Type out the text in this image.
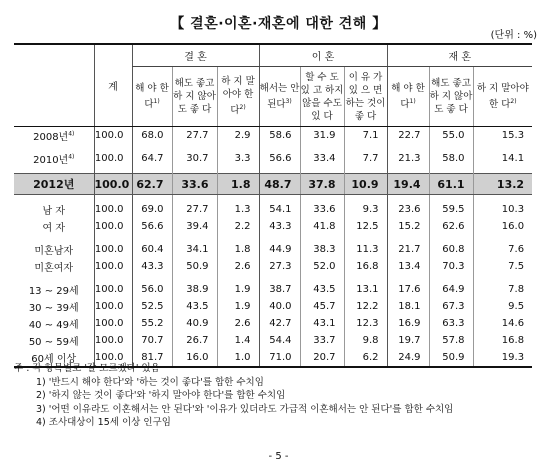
【 결혼·이혼·재혼에 대한 견해 】
(단위 : %)
	계	결 혼			이 혼			재 혼		
		해 야 한 다$^{1)}$	해도 좋고 하 지 않아도 좋 다	하 지 말아야 한 다$^{2)}$	해서는 안 된다$^{3)}$	할 수 도 있 고 하지 않을 수도 있 다	이 유 가 있 으 면 하는 것이 좋 다	해 야 한 다$^{1)}$	해도 좋고 하 지 않아도 좋 다	하 지 말아야 한 다$^{2)}$
2008년$^{4)}$	100.0	68.0	27.7	2.9	58.6	31.9	7.1	22.7	55.0	15.3

2010년$^{4)}$	100.0	64.7	30.7	3.3	56.6	33.4	7.7	21.3	58.0	14.1

2012년	100.0	62.7	33.6	1.8	48.7	37.8	10.9	19.4	61.1	13.2

남 자	100.0	69.0	27.7	1.3	54.1	33.6	9.3	23.6	59.5	10.3
여 자	100.0	56.6	39.4	2.2	43.3	41.8	12.5	15.2	62.6	16.0

미혼남자	100.0	60.4	34.1	1.8	44.9	38.3	11.3	21.7	60.8	7.6
미혼여자	100.0	43.3	50.9	2.6	27.3	52.0	16.8	13.4	70.3	7.5

13 ~ 29세	100.0	56.0	38.9	1.9	38.7	43.5	13.1	17.6	64.9	7.8
30 ~ 39세	100.0	52.5	43.5	1.9	40.0	45.7	12.2	18.1	67.3	9.5
40 ~ 49세	100.0	55.2	40.9	2.6	42.7	43.1	12.3	16.9	63.3	14.6
50 ~ 59세	100.0	70.7	26.7	1.4	54.4	33.7	9.8	19.7	57.8	16.8
60세 이상	100.0	81.7	16.0	1.0	71.0	20.7	6.2	24.9	50.9	19.3
주 : 각 항목별로 '잘 모르겠다' 있음
1) '반드시 해야 한다'와 '하는 것이 좋다'를 합한 수치임
2) '하지 않는 것이 좋다'와 '하지 말아야 한다'를 합한 수치임
3) '어떤 이유라도 이혼해서는 안 된다'와 '이유가 있더라도 가급적 이혼해서는 안 된다'를 합한 수치임
4) 조사대상이 15세 이상 인구임
- 5 -
